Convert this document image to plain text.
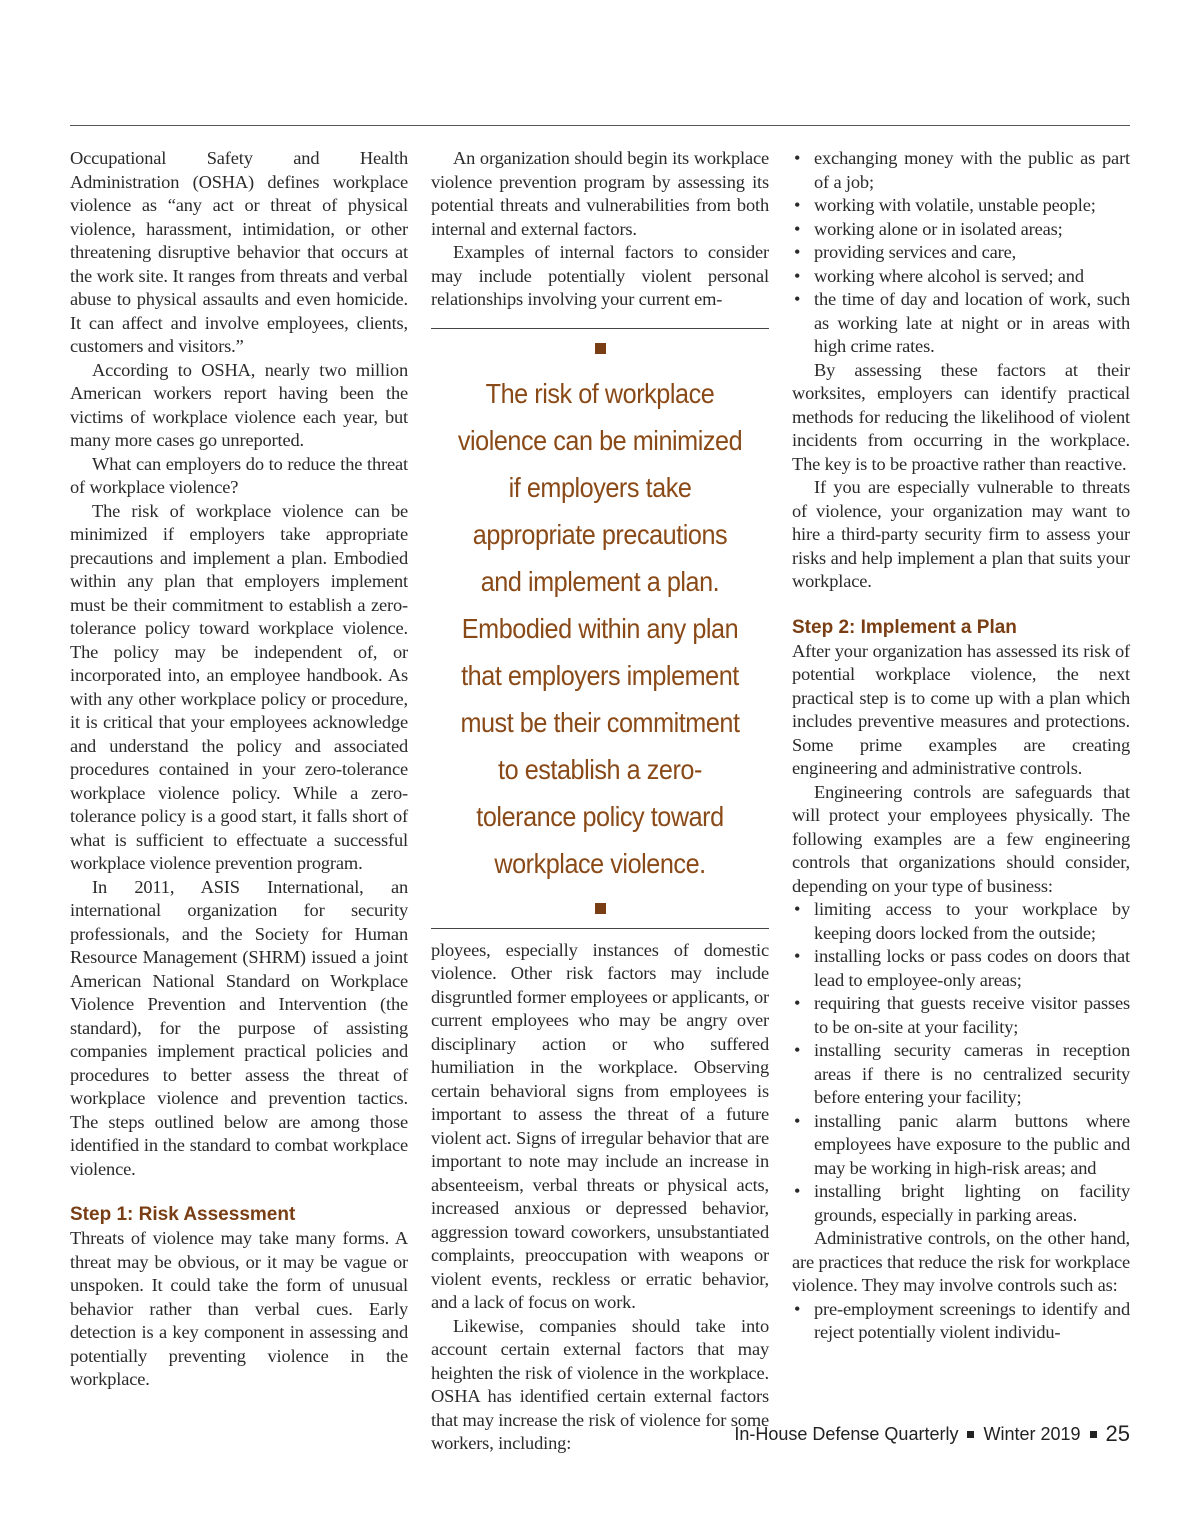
Occupational Safety and Health Administration (OSHA) defines workplace violence as “any act or threat of physical violence, harassment, intimidation, or other threatening disruptive behavior that occurs at the work site. It ranges from threats and verbal abuse to physical assaults and even homicide. It can affect and involve employees, clients, customers and visitors.”

According to OSHA, nearly two million American workers report having been the victims of workplace violence each year, but many more cases go unreported.

What can employers do to reduce the threat of workplace violence?

The risk of workplace violence can be minimized if employers take appropriate precautions and implement a plan. Embodied within any plan that employers implement must be their commitment to establish a zero-tolerance policy toward workplace violence. The policy may be independent of, or incorporated into, an employee handbook. As with any other workplace policy or procedure, it is critical that your employees acknowledge and understand the policy and associated procedures contained in your zero-tolerance workplace violence policy. While a zero-tolerance policy is a good start, it falls short of what is sufficient to effectuate a successful workplace violence prevention program.

In 2011, ASIS International, an international organization for security professionals, and the Society for Human Resource Management (SHRM) issued a joint American National Standard on Workplace Violence Prevention and Intervention (the standard), for the purpose of assisting companies implement practical policies and procedures to better assess the threat of workplace violence and prevention tactics. The steps outlined below are among those identified in the standard to combat workplace violence.

Step 1: Risk Assessment

Threats of violence may take many forms. A threat may be obvious, or it may be vague or unspoken. It could take the form of unusual behavior rather than verbal cues. Early detection is a key component in assessing and potentially preventing violence in the workplace.

An organization should begin its workplace violence prevention program by assessing its potential threats and vulnerabilities from both internal and external factors.

Examples of internal factors to consider may include potentially violent personal relationships involving your current em-

The risk of workplace violence can be minimized if employers take appropriate precautions and implement a plan. Embodied within any plan that employers implement must be their commitment to establish a zero-tolerance policy toward workplace violence.

ployees, especially instances of domestic violence. Other risk factors may include disgruntled former employees or applicants, or current employees who may be angry over disciplinary action or who suffered humiliation in the workplace. Observing certain behavioral signs from employees is important to assess the threat of a future violent act. Signs of irregular behavior that are important to note may include an increase in absenteeism, verbal threats or physical acts, increased anxious or depressed behavior, aggression toward coworkers, unsubstantiated complaints, preoccupation with weapons or violent events, reckless or erratic behavior, and a lack of focus on work.

Likewise, companies should take into account certain external factors that may heighten the risk of violence in the workplace. OSHA has identified certain external factors that may increase the risk of violence for some workers, including:

• exchanging money with the public as part of a job;
• working with volatile, unstable people;
• working alone or in isolated areas;
• providing services and care,
• working where alcohol is served; and
• the time of day and location of work, such as working late at night or in areas with high crime rates.

By assessing these factors at their worksites, employers can identify practical methods for reducing the likelihood of violent incidents from occurring in the workplace. The key is to be proactive rather than reactive.

If you are especially vulnerable to threats of violence, your organization may want to hire a third-party security firm to assess your risks and help implement a plan that suits your workplace.

Step 2: Implement a Plan

After your organization has assessed its risk of potential workplace violence, the next practical step is to come up with a plan which includes preventive measures and protections. Some prime examples are creating engineering and administrative controls.

Engineering controls are safeguards that will protect your employees physically. The following examples are a few engineering controls that organizations should consider, depending on your type of business:

• limiting access to your workplace by keeping doors locked from the outside;
• installing locks or pass codes on doors that lead to employee-only areas;
• requiring that guests receive visitor passes to be on-site at your facility;
• installing security cameras in reception areas if there is no centralized security before entering your facility;
• installing panic alarm buttons where employees have exposure to the public and may be working in high-risk areas; and
• installing bright lighting on facility grounds, especially in parking areas.

Administrative controls, on the other hand, are practices that reduce the risk for workplace violence. They may involve controls such as:

• pre-employment screenings to identify and reject potentially violent individu-
In-House Defense Quarterly Winter 2019 25
